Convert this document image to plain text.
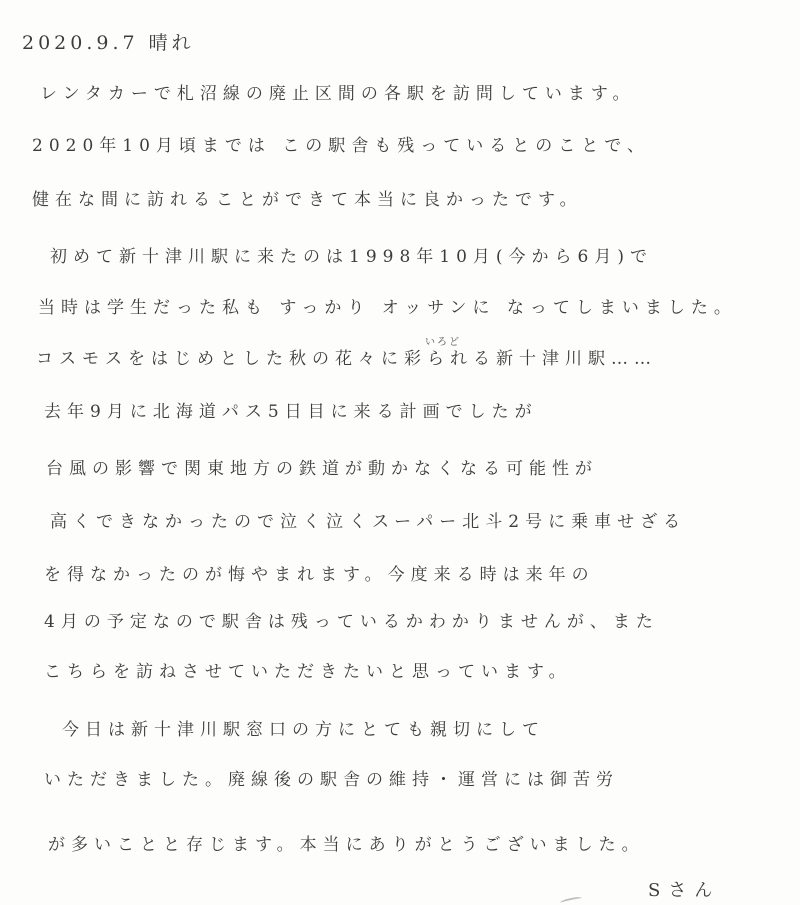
2020.9.7 晴れ
レンタカーで札沼線の廃止区間の各駅を訪問しています。
2020年10月頃までは この駅舎も残っているとのことで、
健在な間に訪れることができて本当に良かったです。
初めて新十津川駅に来たのは1998年10月(今から6月)で
当時は学生だった私も すっかり オッサンに なってしまいました。
いろど
コスモスをはじめとした秋の花々に彩られる新十津川駅……
去年9月に北海道パス5日目に来る計画でしたが
台風の影響で関東地方の鉄道が動かなくなる可能性が
高くできなかったので泣く泣くスーパー北斗2号に乗車せざる
を得なかったのが悔やまれます。今度来る時は来年の
4月の予定なので駅舎は残っているかわかりませんが、また
こちらを訪ねさせていただきたいと思っています。
今日は新十津川駅窓口の方にとても親切にして
いただきました。廃線後の駅舎の維持・運営には御苦労
が多いことと存じます。本当にありがとうございました。
Sさん
